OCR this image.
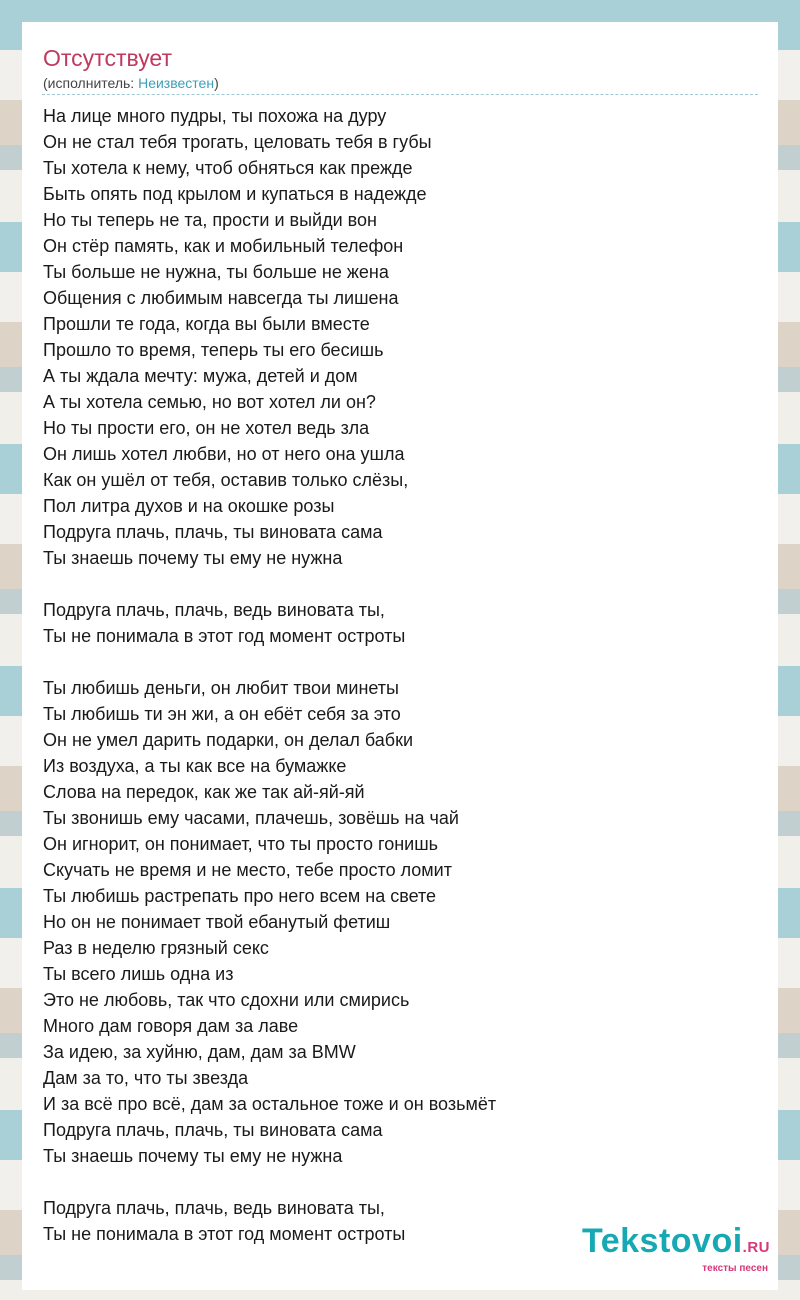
Отсутствует
(исполнитель: Неизвестен)
На лице много пудры, ты похожа на дуру
Он не стал тебя трогать, целовать тебя в губы
Ты хотела к нему, чтоб обняться как прежде
Быть опять под крылом и купаться в надежде
Но ты теперь не та, прости и выйди вон
Он стёр память, как и мобильный телефон
Ты больше не нужна, ты больше не жена
Общения с любимым навсегда ты лишена
Прошли те года, когда вы были вместе
Прошло то время, теперь ты его бесишь
А ты ждала мечту: мужа, детей и дом
А ты хотела семью, но вот хотел ли он?
Но ты прости его, он не хотел ведь зла
Он лишь хотел любви, но от него она ушла
Как он ушёл от тебя, оставив только слёзы,
Пол литра духов и на окошке розы
Подруга плачь, плачь, ты виновата сама
Ты знаешь почему ты ему не нужна
Подруга плачь, плачь, ведь виновата ты,
Ты не понимала в этот год момент остроты
Ты любишь деньги, он любит твои минеты
Ты любишь ти эн жи, а он ебёт себя за это
Он не умел дарить подарки, он делал бабки
Из воздуха, а ты как все на бумажке
Слова на передок, как же так ай-яй-яй
Ты звонишь ему часами, плачешь, зовёшь на чай
Он игнорит, он понимает, что ты просто гонишь
Скучать не время и не место, тебе просто ломит
Ты любишь растрепать про него всем на свете
Но он не понимает твой ебанутый фетиш
Раз в неделю грязный секс
Ты всего лишь одна из
Это не любовь, так что сдохни или смирись
Много дам говоря дам за лаве
За идею, за хуйню, дам, дам за BMW
Дам за то, что ты звезда
И за всё про всё, дам за остальное тоже и он возьмёт
Подруга плачь, плачь, ты виновата сама
Ты знаешь почему ты ему не нужна
Подруга плачь, плачь, ведь виновата ты,
Ты не понимала в этот год момент остроты	Tekstovoi.RU
тексты песен
